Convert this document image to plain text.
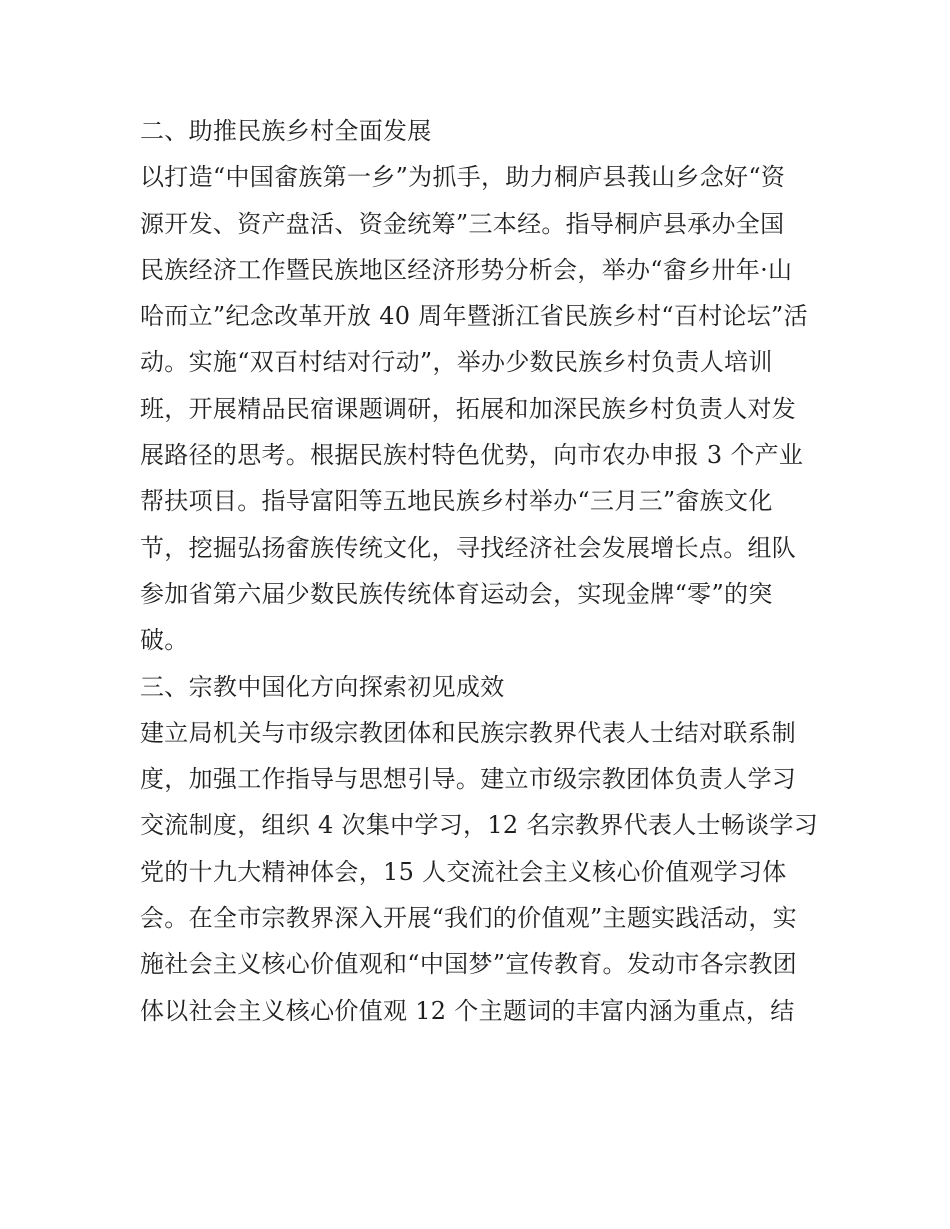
二、助推民族乡村全面发展
以打造“中国畲族第一乡”为抓手，助力桐庐县莪山乡念好“资
源开发、资产盘活、资金统筹”三本经。指导桐庐县承办全国
民族经济工作暨民族地区经济形势分析会，举办“畲乡卅年·山
哈而立”纪念改革开放 40 周年暨浙江省民族乡村“百村论坛”活
动。实施“双百村结对行动”，举办少数民族乡村负责人培训
班，开展精品民宿课题调研，拓展和加深民族乡村负责人对发
展路径的思考。根据民族村特色优势，向市农办申报 3 个产业
帮扶项目。指导富阳等五地民族乡村举办“三月三”畲族文化
节，挖掘弘扬畲族传统文化，寻找经济社会发展增长点。组队
参加省第六届少数民族传统体育运动会，实现金牌“零”的突
破。
三、宗教中国化方向探索初见成效
建立局机关与市级宗教团体和民族宗教界代表人士结对联系制
度，加强工作指导与思想引导。建立市级宗教团体负责人学习
交流制度，组织 4 次集中学习，12 名宗教界代表人士畅谈学习
党的十九大精神体会，15 人交流社会主义核心价值观学习体
会。在全市宗教界深入开展“我们的价值观”主题实践活动，实
施社会主义核心价值观和“中国梦”宣传教育。发动市各宗教团
体以社会主义核心价值观 12 个主题词的丰富内涵为重点，结
